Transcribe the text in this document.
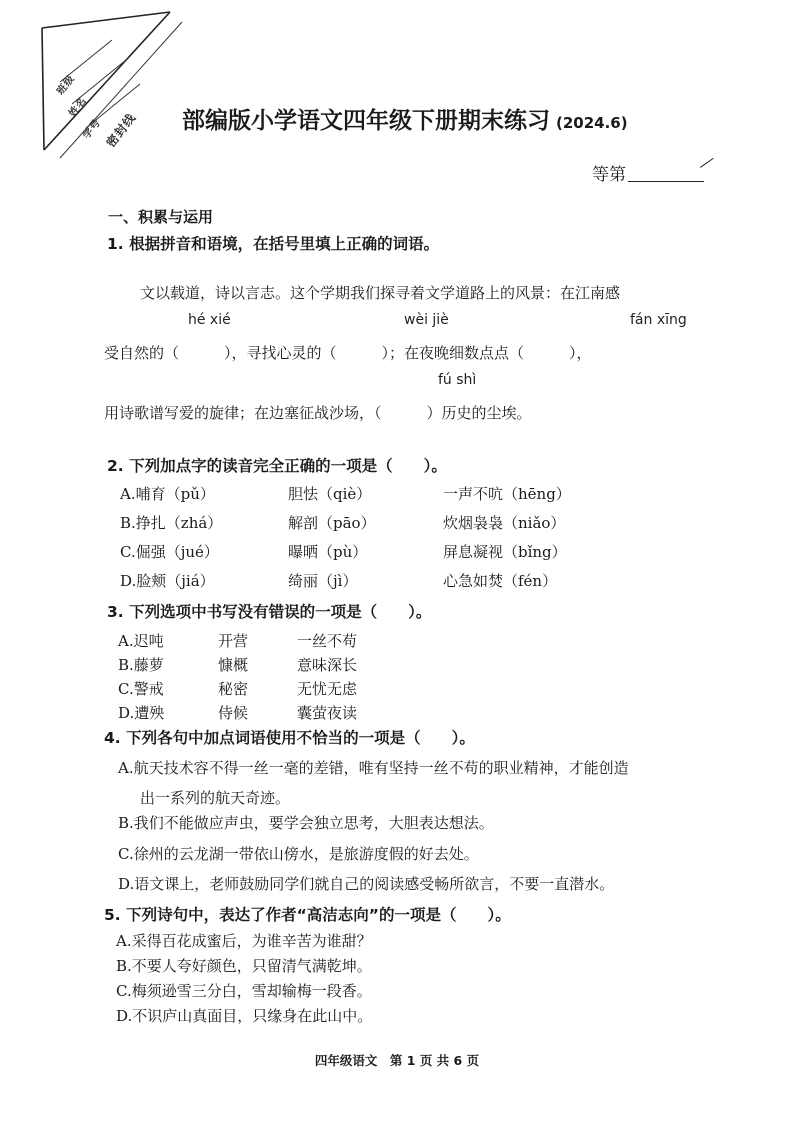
班级
姓名
学号 密封线 部编版小学语文四年级下册期末练习 (2024.6)
等第
一、积累与运用
1. 根据拼音和语境，在括号里填上正确的词语。
文以载道，诗以言志。这个学期我们探寻着文学道路上的风景：在江南感
hé xié	wèi jiè	fán xīng
受自然的（　　　），寻找心灵的（　　　）；在夜晚细数点点（　　　），
fú shì
用诗歌谱写爱的旋律；在边塞征战沙场，（　　　）历史的尘埃。
2. 下列加点字的读音完全正确的一项是（　　）。
A.哺育（pǔ）	胆怯（qiè）	一声不吭（hēng）
B.挣扎（zhá）	解剖（pāo）	炊烟袅袅（niǎo）
C.倔强（jué）	曝晒（pù）	屏息凝视（bǐng）
D.脸颊（jiá）	绮丽（jì）	心急如焚（fén）
3. 下列选项中书写没有错误的一项是（　　）。
A.迟吨	开营	一丝不苟
B.藤萝	慷概	意味深长
C.警戒	秘密	无忧无虑
D.遭殃	侍候	囊萤夜读
4. 下列各句中加点词语使用不恰当的一项是（　　）。
A.航天技术容不得一丝一毫的差错，唯有坚持一丝不苟的职业精神，才能创造
出一系列的航天奇迹。
B.我们不能做应声虫，要学会独立思考，大胆表达想法。
C.徐州的云龙湖一带依山傍水，是旅游度假的好去处。
D.语文课上，老师鼓励同学们就自己的阅读感受畅所欲言，不要一直潜水。
5. 下列诗句中，表达了作者“高洁志向”的一项是（　　）。
A.采得百花成蜜后，为谁辛苦为谁甜？
B.不要人夸好颜色，只留清气满乾坤。
C.梅须逊雪三分白，雪却输梅一段香。
D.不识庐山真面目，只缘身在此山中。
四年级语文　第 1 页 共 6 页
